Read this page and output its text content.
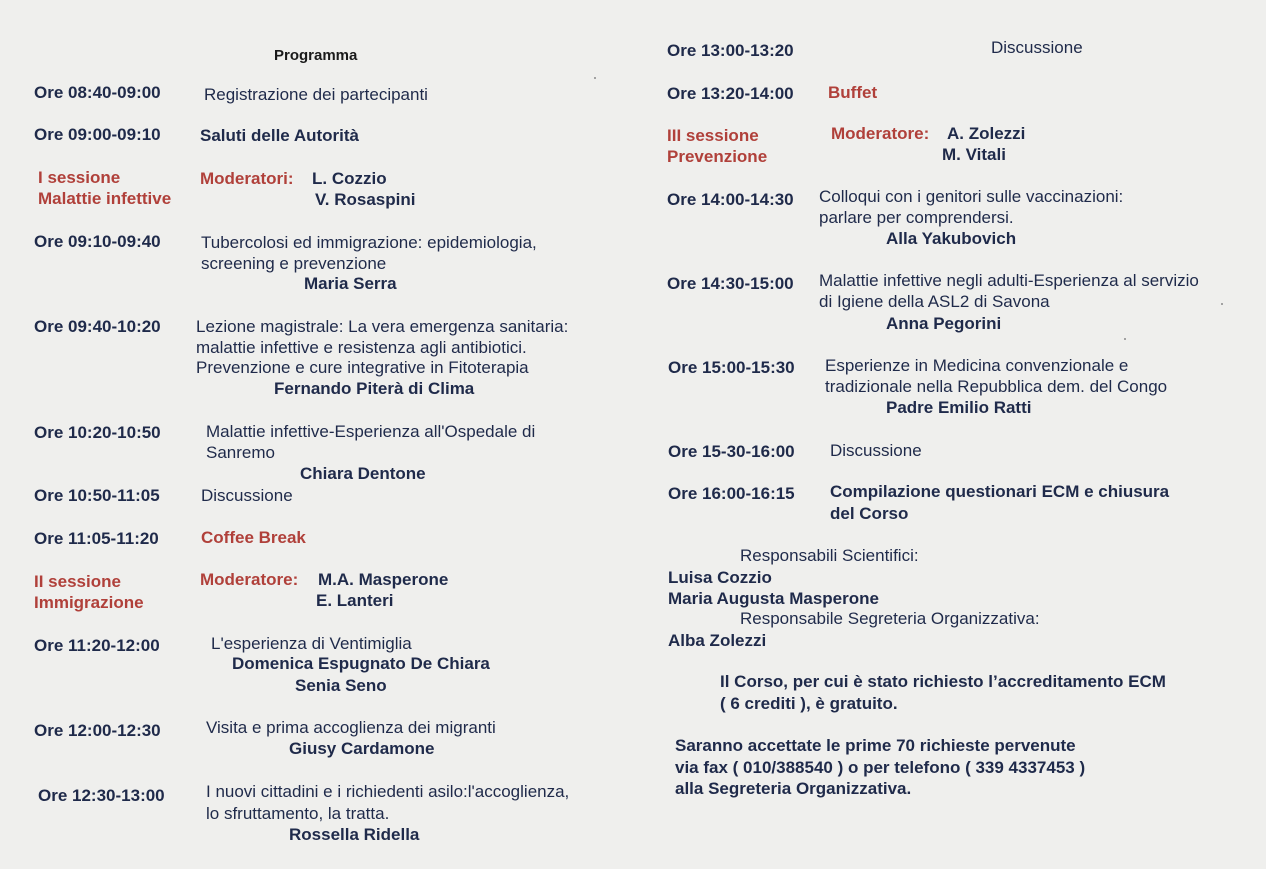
Programma
Ore 08:40-09:00	Registrazione dei partecipanti
Ore 09:00-09:10 Saluti delle Autorità
I sessione
Malattie infettive
Moderatori: L. Cozzio
V. Rosaspini
Ore 09:10-09:40 Tubercolosi ed immigrazione: epidemiologia,
screening e prevenzione
Maria Serra
Ore 09:40-10:20 Lezione magistrale: La vera emergenza sanitaria:
malattie infettive e resistenza agli antibiotici.
Prevenzione e cure integrative in Fitoterapia
Fernando Piterà di Clima
Ore 10:20-10:50	Malattie infettive-Esperienza all'Ospedale di
Sanremo
Chiara Dentone
Ore 10:50-11:05 Discussione
Ore 11:05-11:20 Coffee Break
II sessione
Immigrazione
Moderatore: M.A. Masperone
E. Lanteri
Ore 11:20-12:00	L'esperienza di Ventimiglia
Domenica Espugnato De Chiara
Senia Seno
Ore 12:00-12:30	Visita e prima accoglienza dei migranti
Giusy Cardamone
Ore 12:30-13:00 I nuovi cittadini e i richiedenti asilo:l'accoglienza,
lo sfruttamento, la tratta.
Rossella Ridella
Ore 13:00-13:20	Discussione
Ore 13:20-14:00 Buffet
III sessione
Prevenzione
Moderatore: A. Zolezzi
M. Vitali
Ore 14:00-14:30 Colloqui con i genitori sulle vaccinazioni:
parlare per comprendersi.
Alla Yakubovich
Ore 14:30-15:00 Malattie infettive negli adulti-Esperienza al servizio
di Igiene della ASL2 di Savona
Anna Pegorini
Ore 15:00-15:30 Esperienze in Medicina convenzionale e
tradizionale nella Repubblica dem. del Congo
Padre Emilio Ratti
Ore 15-30-16:00 Discussione
Ore 16:00-16:15 Compilazione questionari ECM e chiusura
del Corso
Responsabili Scientifici:
Luisa Cozzio
Maria Augusta Masperone
Responsabile Segreteria Organizzativa:
Alba Zolezzi
Il Corso, per cui è stato richiesto l’accreditamento ECM
( 6 crediti ), è gratuito.
Saranno accettate le prime 70 richieste pervenute
via fax ( 010/388540 ) o per telefono ( 339 4337453 )
alla Segreteria Organizzativa.
